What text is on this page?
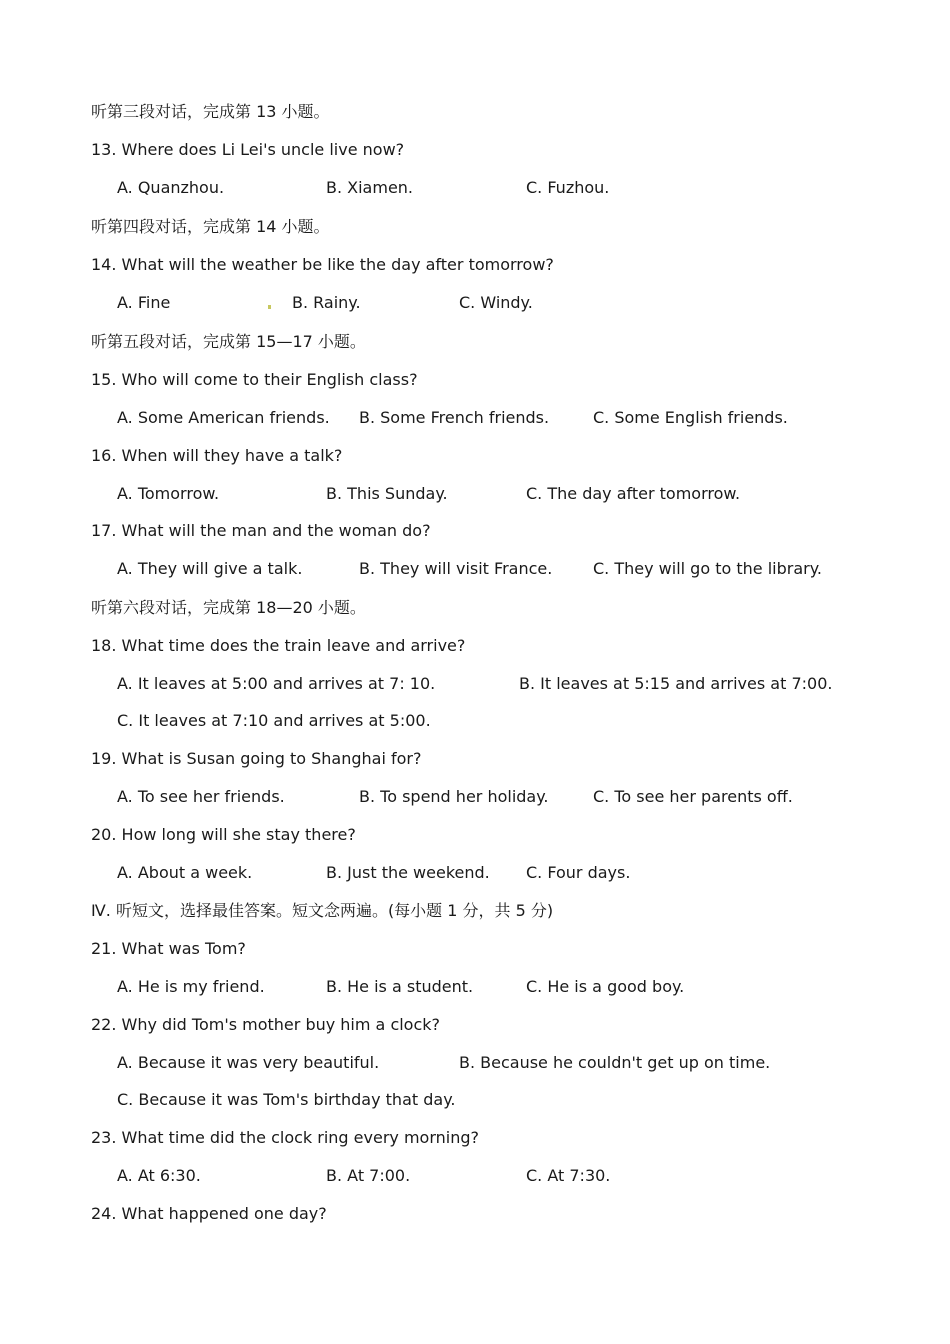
听第三段对话，完成第 13 小题。
13. Where does Li Lei's uncle live now?
A. Quanzhou.	B. Xiamen.	C. Fuzhou.
听第四段对话，完成第 14 小题。
14. What will the weather be like the day after tomorrow?
A. Fine	B. Rainy.	C. Windy.
听第五段对话，完成第 15—17 小题。
15. Who will come to their English class?
A. Some American friends. B. Some French friends.	C. Some English friends.
16. When will they have a talk?
A. Tomorrow.	B. This Sunday.	C. The day after tomorrow.
17. What will the man and the woman do?
A. They will give a talk.	B. They will visit France.	C. They will go to the library.
听第六段对话，完成第 18—20 小题。
18. What time does the train leave and arrive?
A. It leaves at 5:00 and arrives at 7: 10.	B. It leaves at 5:15 and arrives at 7:00.
C. It leaves at 7:10 and arrives at 5:00.
19. What is Susan going to Shanghai for?
A. To see her friends.	B. To spend her holiday.	C. To see her parents off.
20. How long will she stay there?
A. About a week.	B. Just the weekend. C. Four days.
Ⅳ. 听短文，选择最佳答案。短文念两遍。(每小题 1 分，共 5 分)
21. What was Tom?
A. He is my friend.	B. He is a student.	C. He is a good boy.
22. Why did Tom's mother buy him a clock?
A. Because it was very beautiful.	B. Because he couldn't get up on time.
C. Because it was Tom's birthday that day.
23. What time did the clock ring every morning?
A. At 6:30.	B. At 7:00.	C. At 7:30.
24. What happened one day?
